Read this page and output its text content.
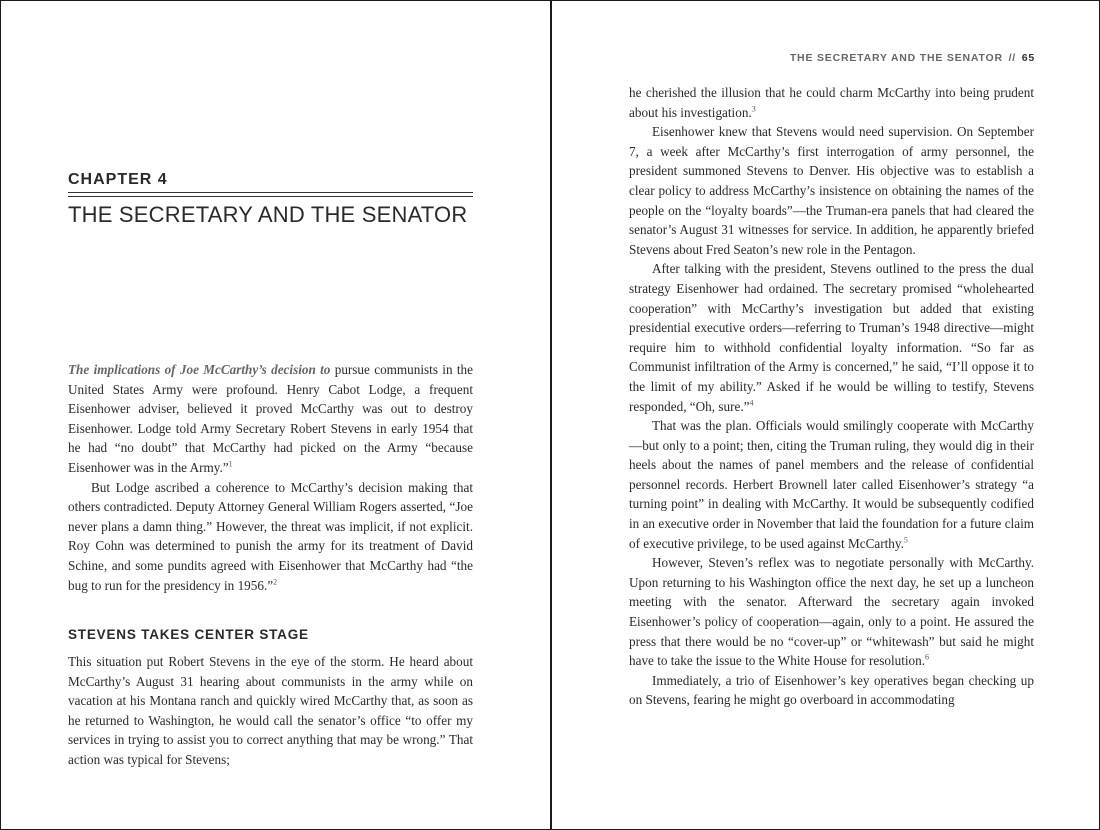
CHAPTER 4
THE SECRETARY AND THE SENATOR

The implications of Joe McCarthy’s decision to pursue communists in the United States Army were profound. Henry Cabot Lodge, a frequent Eisenhower adviser, believed it proved McCarthy was out to destroy Eisenhower. Lodge told Army Secretary Robert Stevens in early 1954 that he had “no doubt” that McCarthy had picked on the Army “because Eisenhower was in the Army.”$^1$

But Lodge ascribed a coherence to McCarthy’s decision making that others contradicted. Deputy Attorney General William Rogers asserted, “Joe never plans a damn thing.” However, the threat was implicit, if not explicit. Roy Cohn was determined to punish the army for its treatment of David Schine, and some pundits agreed with Eisenhower that McCarthy had “the bug to run for the presidency in 1956.”$^2$

STEVENS TAKES CENTER STAGE

This situation put Robert Stevens in the eye of the storm. He heard about McCarthy’s August 31 hearing about communists in the army while on vacation at his Montana ranch and quickly wired McCarthy that, as soon as he returned to Washington, he would call the senator’s office “to offer my services in trying to assist you to correct anything that may be wrong.” That action was typical for Stevens;

THE SECRETARY AND THE SENATOR // 65

he cherished the illusion that he could charm McCarthy into being prudent about his investigation.$^3$

Eisenhower knew that Stevens would need supervision. On September 7, a week after McCarthy’s first interrogation of army personnel, the president summoned Stevens to Denver. His objective was to establish a clear policy to address McCarthy’s insistence on obtaining the names of the people on the “loyalty boards”—the Truman-era panels that had cleared the senator’s August 31 witnesses for service. In addition, he apparently briefed Stevens about Fred Seaton’s new role in the Pentagon.

After talking with the president, Stevens outlined to the press the dual strategy Eisenhower had ordained. The secretary promised “wholehearted cooperation” with McCarthy’s investigation but added that existing presidential executive orders—referring to Truman’s 1948 directive—might require him to withhold confidential loyalty information. “So far as Communist infiltration of the Army is concerned,” he said, “I’ll oppose it to the limit of my ability.” Asked if he would be willing to testify, Stevens responded, “Oh, sure.”$^4$

That was the plan. Officials would smilingly cooperate with McCarthy—but only to a point; then, citing the Truman ruling, they would dig in their heels about the names of panel members and the release of confidential personnel records. Herbert Brownell later called Eisenhower’s strategy “a turning point” in dealing with McCarthy. It would be subsequently codified in an executive order in November that laid the foundation for a future claim of executive privilege, to be used against McCarthy.$^5$

However, Steven’s reflex was to negotiate personally with McCarthy. Upon returning to his Washington office the next day, he set up a luncheon meeting with the senator. Afterward the secretary again invoked Eisenhower’s policy of cooperation—again, only to a point. He assured the press that there would be no “cover-up” or “whitewash” but said he might have to take the issue to the White House for resolution.$^6$

Immediately, a trio of Eisenhower’s key operatives began checking up on Stevens, fearing he might go overboard in accommodating
